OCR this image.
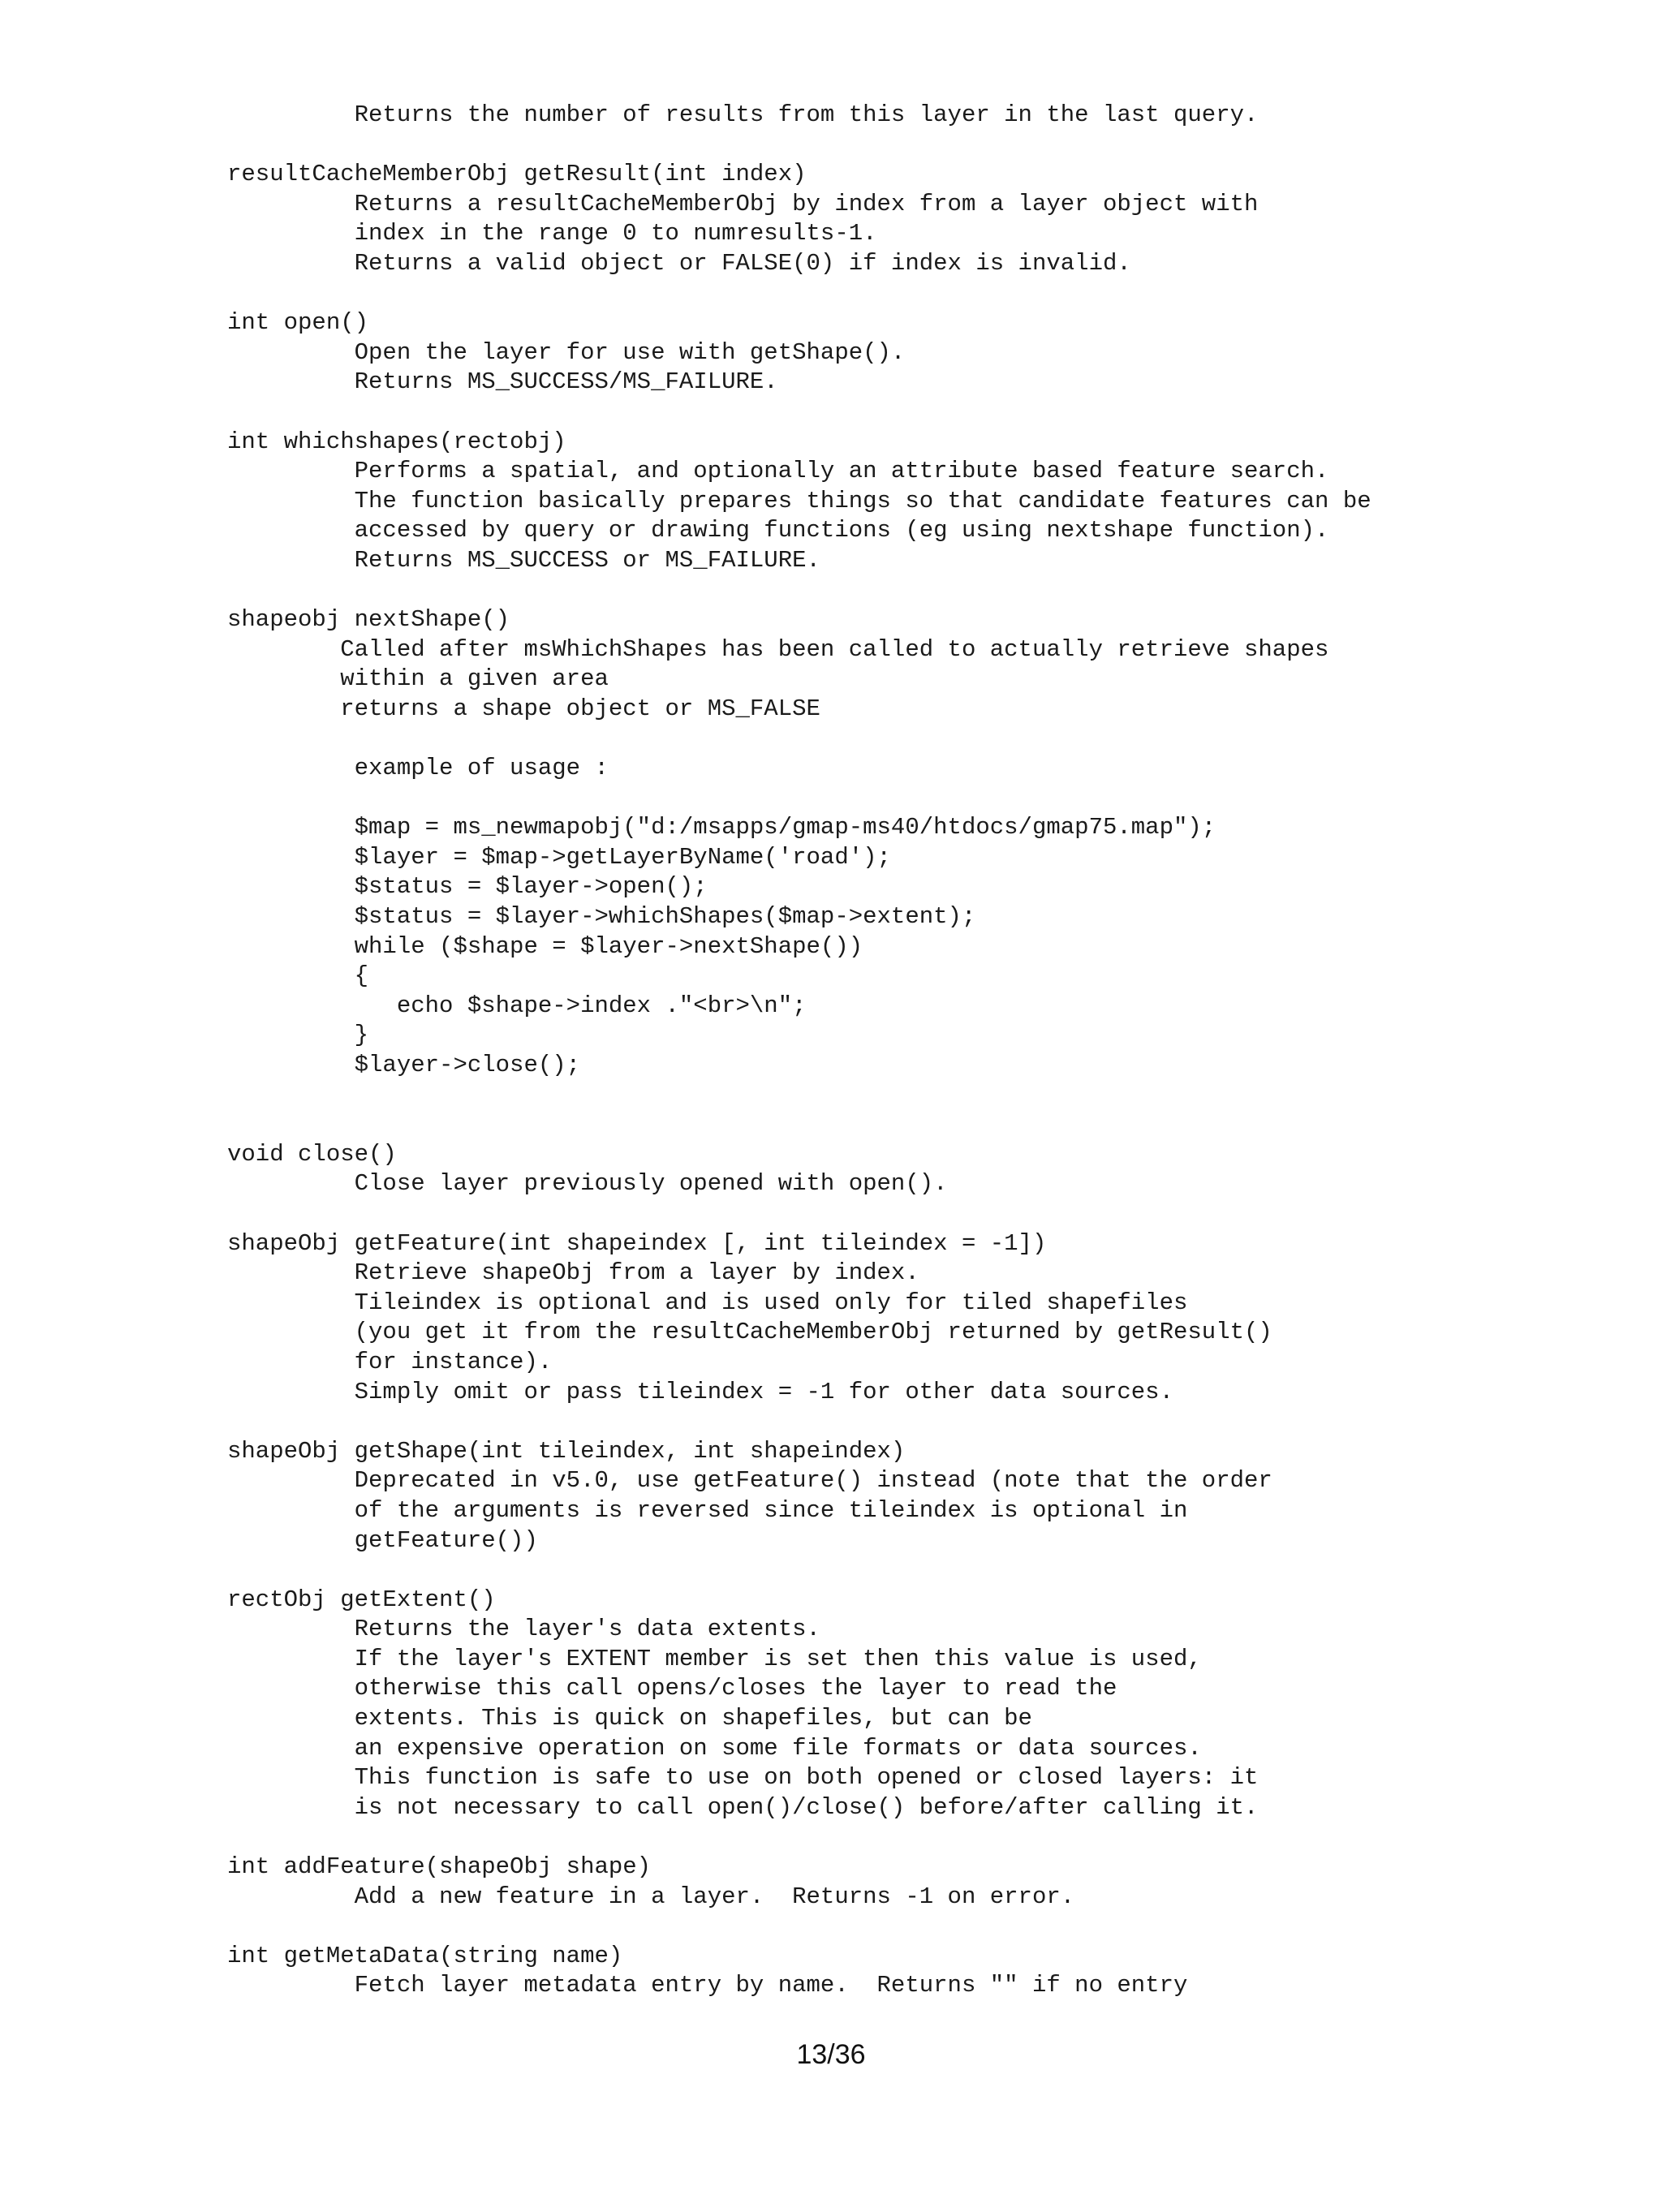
Returns the number of results from this layer in the last query.
resultCacheMemberObj getResult(int index)
Returns a resultCacheMemberObj by index from a layer object with
index in the range 0 to numresults-1.
Returns a valid object or FALSE(0) if index is invalid.
int open()
Open the layer for use with getShape().
Returns MS_SUCCESS/MS_FAILURE.
int whichshapes(rectobj)
Performs a spatial, and optionally an attribute based feature search.
The function basically prepares things so that candidate features can be
accessed by query or drawing functions (eg using nextshape function).
Returns MS_SUCCESS or MS_FAILURE.
shapeobj nextShape()
Called after msWhichShapes has been called to actually retrieve shapes
within a given area
returns a shape object or MS_FALSE
example of usage :
$map = ms_newmapobj("d:/msapps/gmap-ms40/htdocs/gmap75.map");
$layer = $map->getLayerByName('road');
$status = $layer->open();
$status = $layer->whichShapes($map->extent);
while ($shape = $layer->nextShape())
{
echo $shape->index ."<br>\n";
}
$layer->close();
void close()
Close layer previously opened with open().
shapeObj getFeature(int shapeindex [, int tileindex = -1])
Retrieve shapeObj from a layer by index.
Tileindex is optional and is used only for tiled shapefiles
(you get it from the resultCacheMemberObj returned by getResult()
for instance).
Simply omit or pass tileindex = -1 for other data sources.
shapeObj getShape(int tileindex, int shapeindex)
Deprecated in v5.0, use getFeature() instead (note that the order
of the arguments is reversed since tileindex is optional in
getFeature())
rectObj getExtent()
Returns the layer's data extents.
If the layer's EXTENT member is set then this value is used,
otherwise this call opens/closes the layer to read the
extents. This is quick on shapefiles, but can be
an expensive operation on some file formats or data sources.
This function is safe to use on both opened or closed layers: it
is not necessary to call open()/close() before/after calling it.
int addFeature(shapeObj shape)
Add a new feature in a layer.  Returns -1 on error.
int getMetaData(string name)
Fetch layer metadata entry by name.  Returns "" if no entry
13/36
